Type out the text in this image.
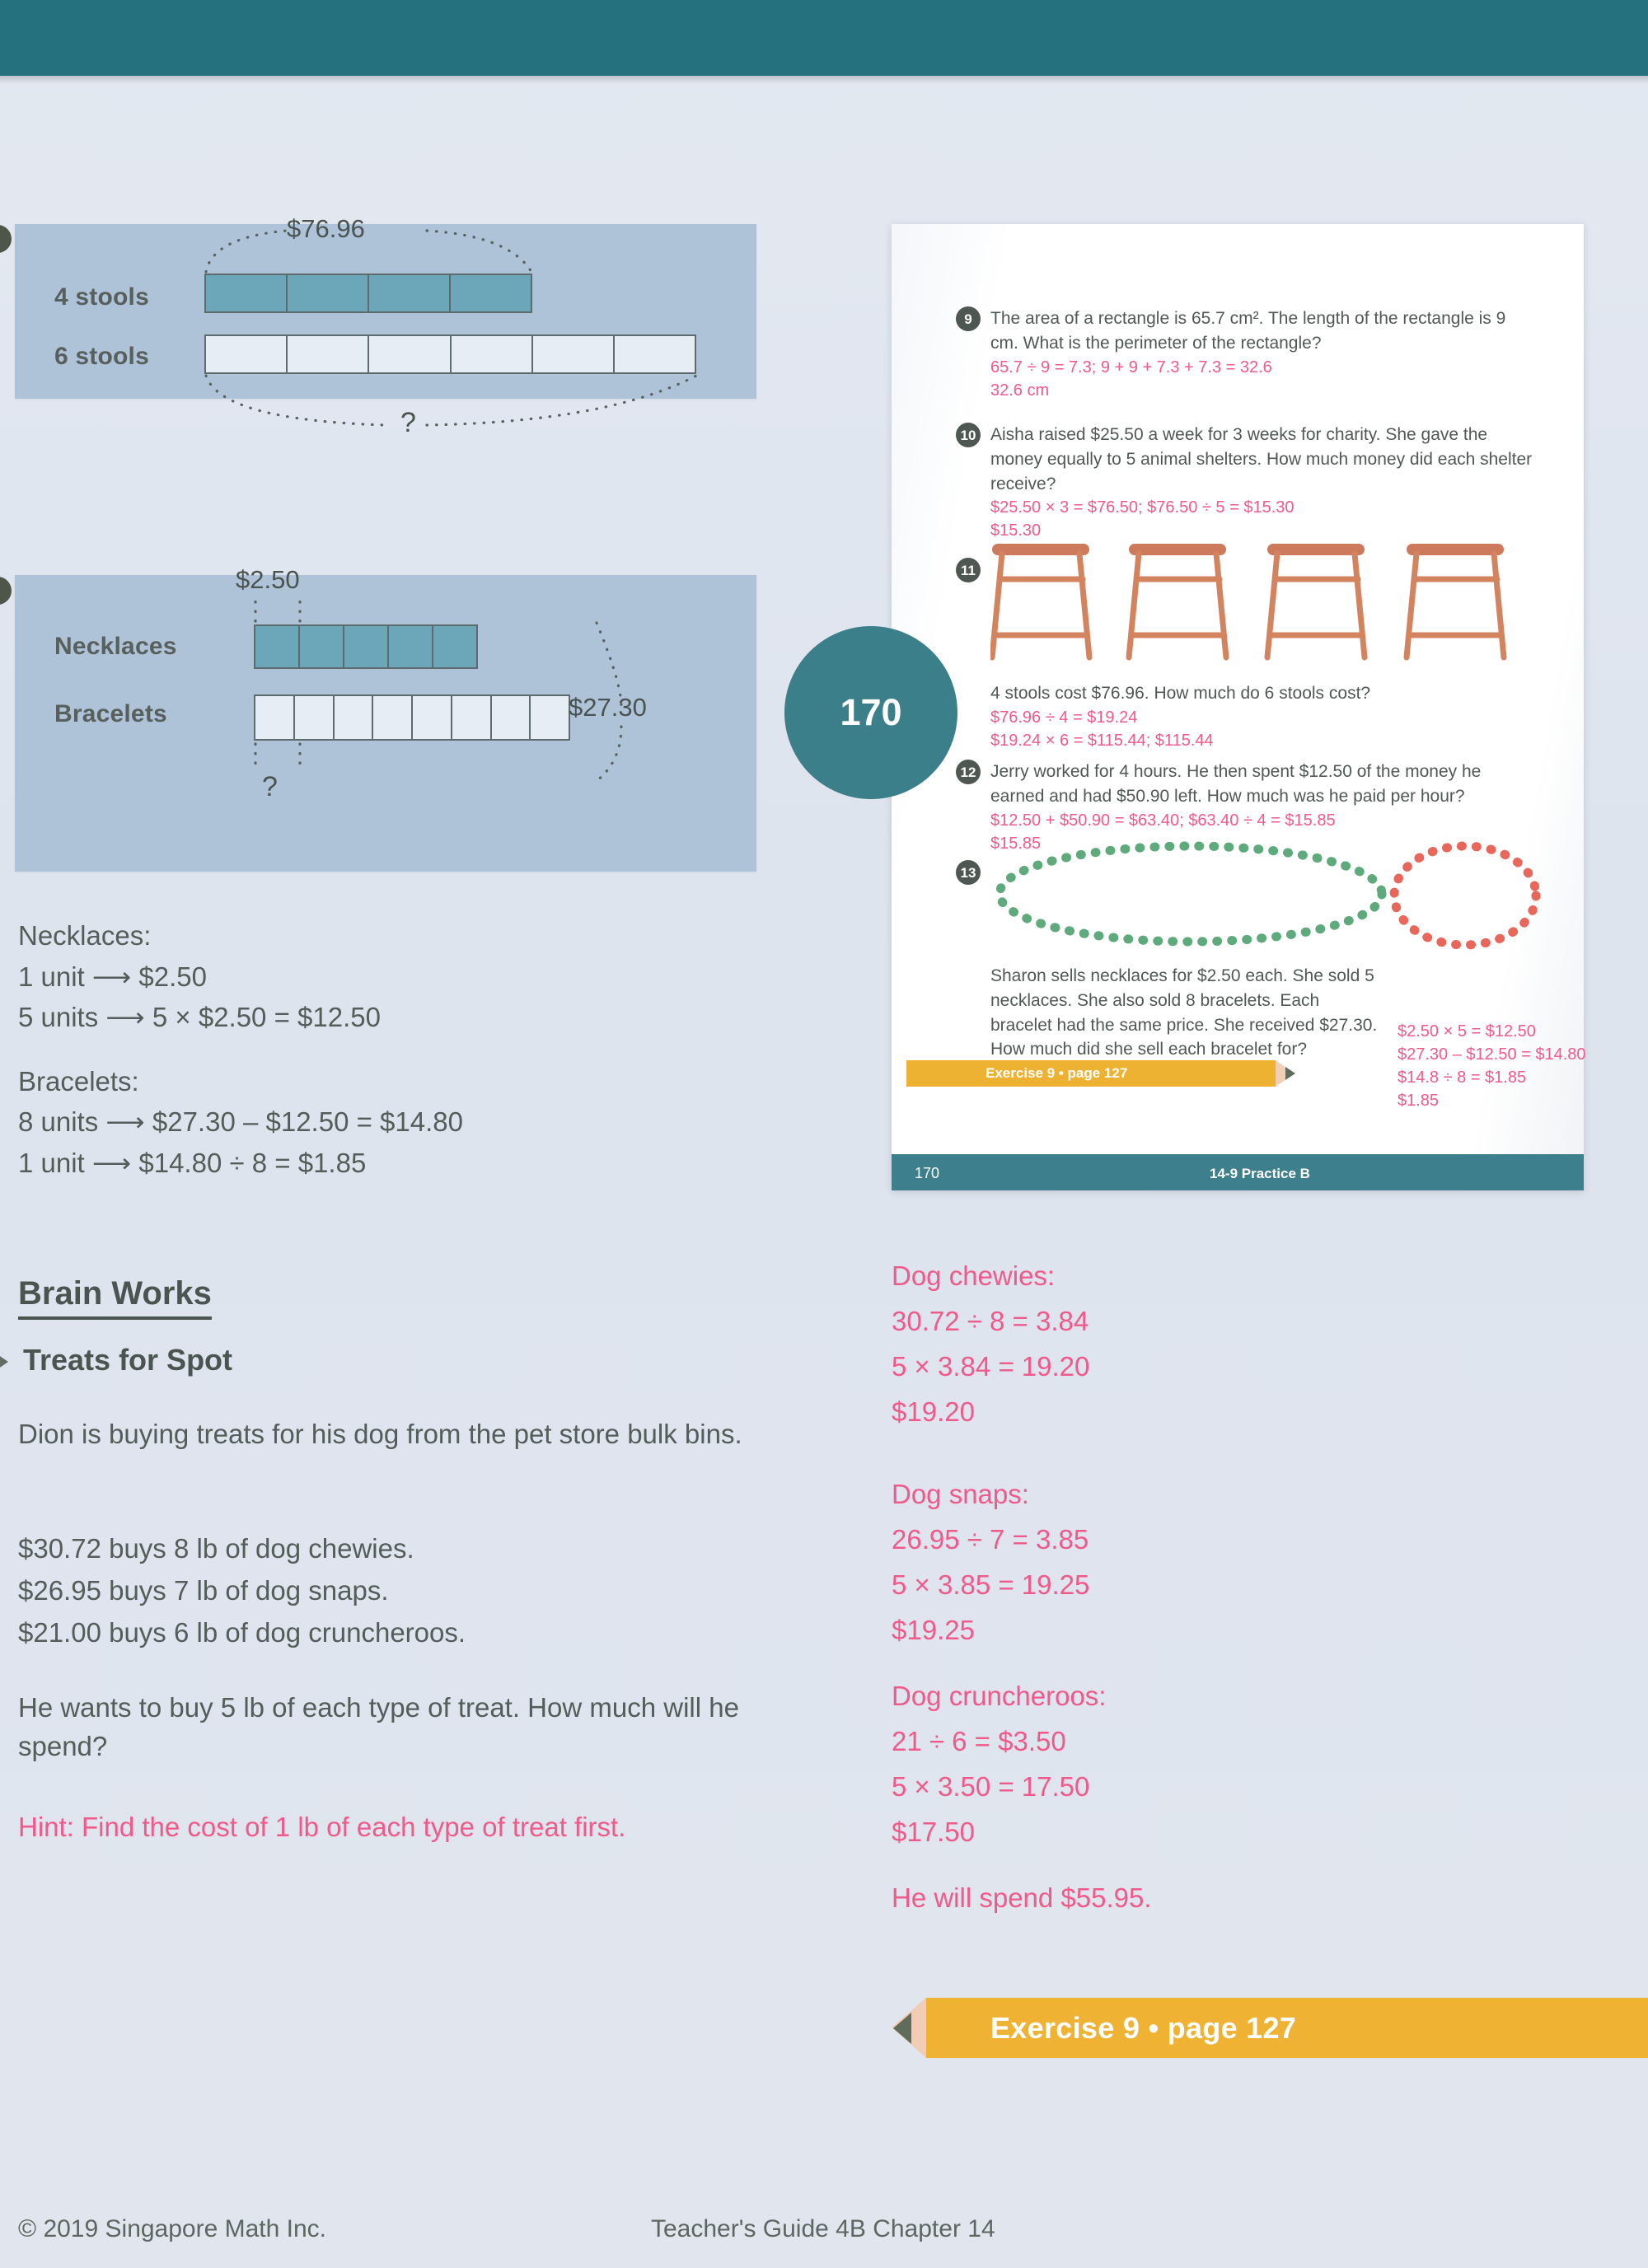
4 stools
6 stools
$76.96
?
Necklaces
Bracelets
$2.50
$27.30
?
Necklaces:
1 unit ⟶ $2.50
5 units ⟶ 5 × $2.50 = $12.50
Bracelets:
8 units ⟶ $27.30 – $12.50 = $14.80
1 unit ⟶ $14.80 ÷ 8 = $1.85
Brain Works
Treats for Spot
Dion is buying treats for his dog from the pet store bulk bins.
$30.72 buys 8 lb of dog chewies.
$26.95 buys 7 lb of dog snaps.
$21.00 buys 6 lb of dog cruncheroos.
He wants to buy 5 lb of each type of treat. How much will he spend?
Hint: Find the cost of 1 lb of each type of treat first.
Dog chewies:
30.72 ÷ 8 = 3.84
5 × 3.84 = 19.20
$19.20
Dog snaps:
26.95 ÷ 7 = 3.85
5 × 3.85 = 19.25
$19.25
Dog cruncheroos:
21 ÷ 6 = $3.50
5 × 3.50 = 17.50
$17.50
He will spend $55.95.
Exercise 9 • page 127
9	The area of a rectangle is 65.7 cm². The length of the rectangle is 9 cm. What is the perimeter of the rectangle?
65.7 ÷ 9 = 7.3; 9 + 9 + 7.3 + 7.3 = 32.6
32.6 cm
10 Aisha raised $25.50 a week for 3 weeks for charity. She gave the money equally to 5 animal shelters. How much money did each shelter receive?
$25.50 × 3 = $76.50; $76.50 ÷ 5 = $15.30
$15.30
11
4 stools cost $76.96. How much do 6 stools cost?
$76.96 ÷ 4 = $19.24
$19.24 × 6 = $115.44; $115.44
12 Jerry worked for 4 hours. He then spent $12.50 of the money he earned and had $50.90 left. How much was he paid per hour?
$12.50 + $50.90 = $63.40; $63.40 ÷ 4 = $15.85
$15.85
13
Sharon sells necklaces for $2.50 each. She sold 5 necklaces. She also sold 8 bracelets. Each bracelet had the same price. She received $27.30. How much did she sell each bracelet for?
$2.50 × 5 = $12.50
$27.30 – $12.50 = $14.80
$14.8 ÷ 8 = $1.85
$1.85
Exercise 9 • page 127
170	14-9 Practice B
170
© 2019 Singapore Math Inc.	Teacher's Guide 4B Chapter 14
